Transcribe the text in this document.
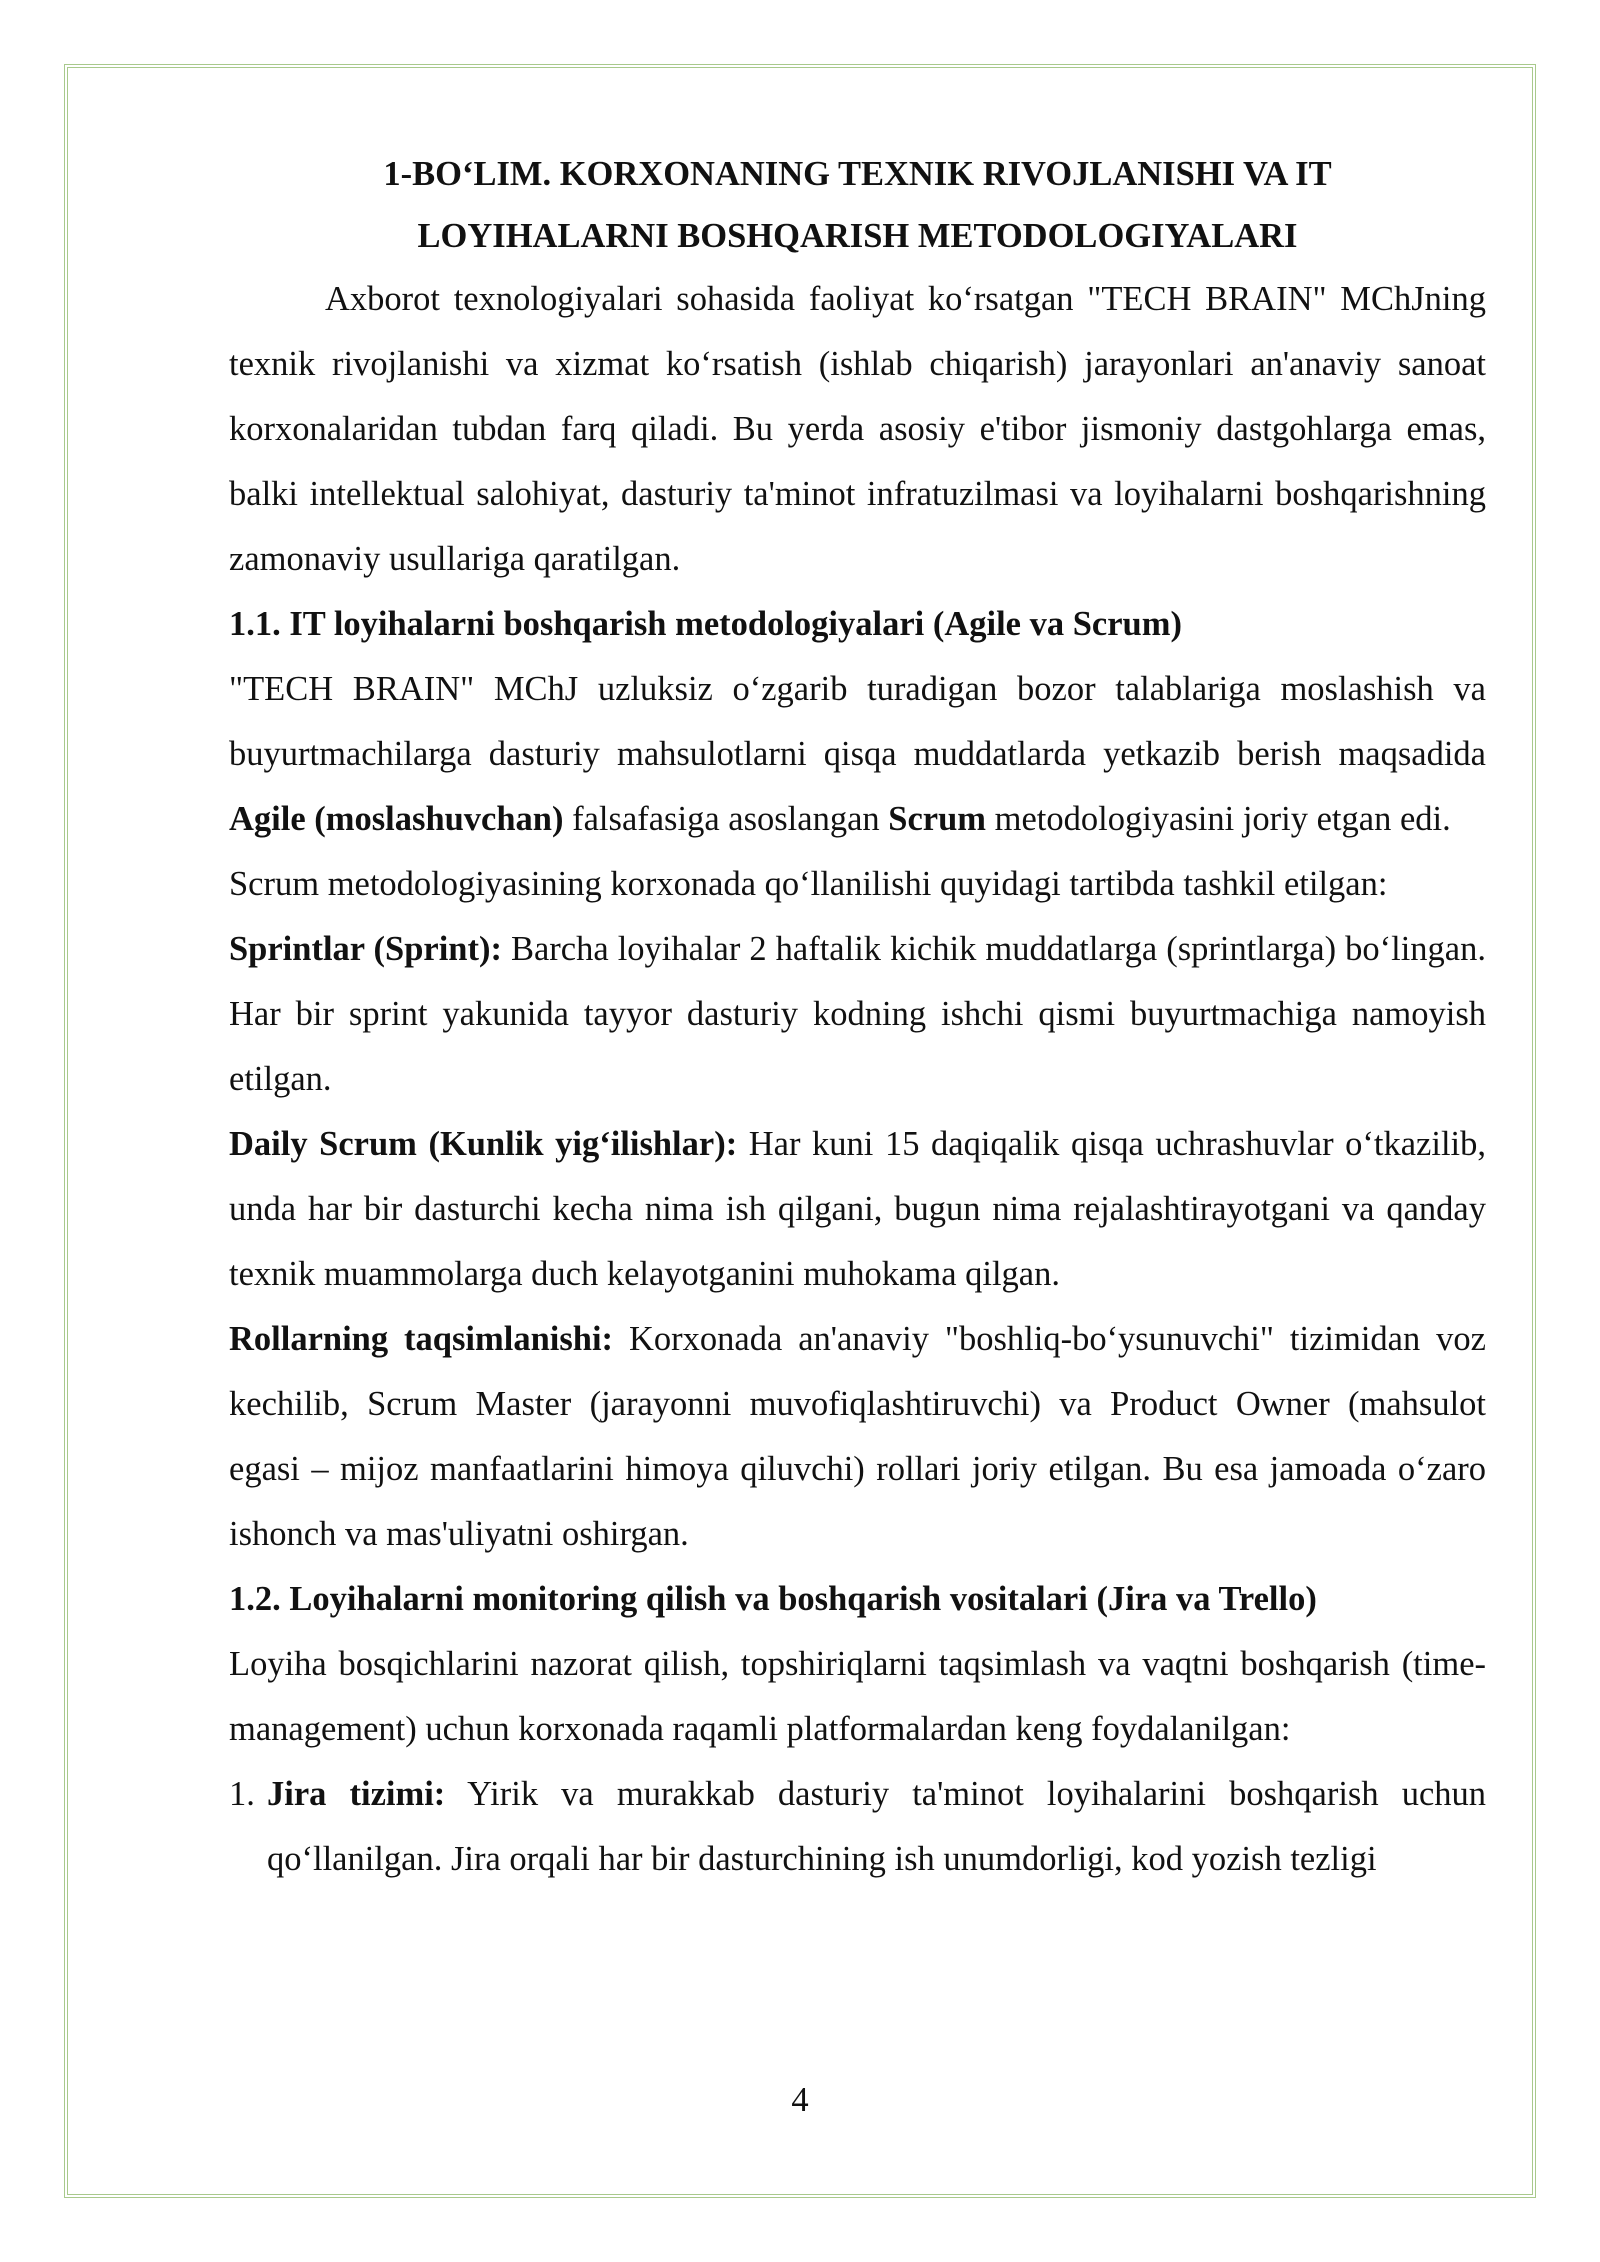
1-BO‘LIM. KORXONANING TEXNIK RIVOJLANISHI VA IT
LOYIHALARNI BOSHQARISH METODOLOGIYALARI

Axborot texnologiyalari sohasida faoliyat ko‘rsatgan "TECH BRAIN" MChJning texnik rivojlanishi va xizmat ko‘rsatish (ishlab chiqarish) jarayonlari an'anaviy sanoat korxonalaridan tubdan farq qiladi. Bu yerda asosiy e'tibor jismoniy dastgohlarga emas, balki intellektual salohiyat, dasturiy ta'minot infratuzilmasi va loyihalarni boshqarishning zamonaviy usullariga qaratilgan.

1.1. IT loyihalarni boshqarish metodologiyalari (Agile va Scrum)

"TECH BRAIN" MChJ uzluksiz o‘zgarib turadigan bozor talablariga moslashish va buyurtmachilarga dasturiy mahsulotlarni qisqa muddatlarda yetkazib berish maqsadida Agile (moslashuvchan) falsafasiga asoslangan Scrum metodologiyasini joriy etgan edi.

Scrum metodologiyasining korxonada qo‘llanilishi quyidagi tartibda tashkil etilgan:

Sprintlar (Sprint): Barcha loyihalar 2 haftalik kichik muddatlarga (sprintlarga) bo‘lingan. Har bir sprint yakunida tayyor dasturiy kodning ishchi qismi buyurtmachiga namoyish etilgan.

Daily Scrum (Kunlik yig‘ilishlar): Har kuni 15 daqiqalik qisqa uchrashuvlar o‘tkazilib, unda har bir dasturchi kecha nima ish qilgani, bugun nima rejalashtirayotgani va qanday texnik muammolarga duch kelayotganini muhokama qilgan.

Rollarning taqsimlanishi: Korxonada an'anaviy "boshliq-bo‘ysunuvchi" tizimidan voz kechilib, Scrum Master (jarayonni muvofiqlashtiruvchi) va Product Owner (mahsulot egasi – mijoz manfaatlarini himoya qiluvchi) rollari joriy etilgan. Bu esa jamoada o‘zaro ishonch va mas'uliyatni oshirgan.

1.2. Loyihalarni monitoring qilish va boshqarish vositalari (Jira va Trello)

Loyiha bosqichlarini nazorat qilish, topshiriqlarni taqsimlash va vaqtni boshqarish (time-management) uchun korxonada raqamli platformalardan keng foydalanilgan:

1. Jira tizimi: Yirik va murakkab dasturiy ta'minot loyihalarini boshqarish uchun qo‘llanilgan. Jira orqali har bir dasturchining ish unumdorligi, kod yozish tezligi
4
